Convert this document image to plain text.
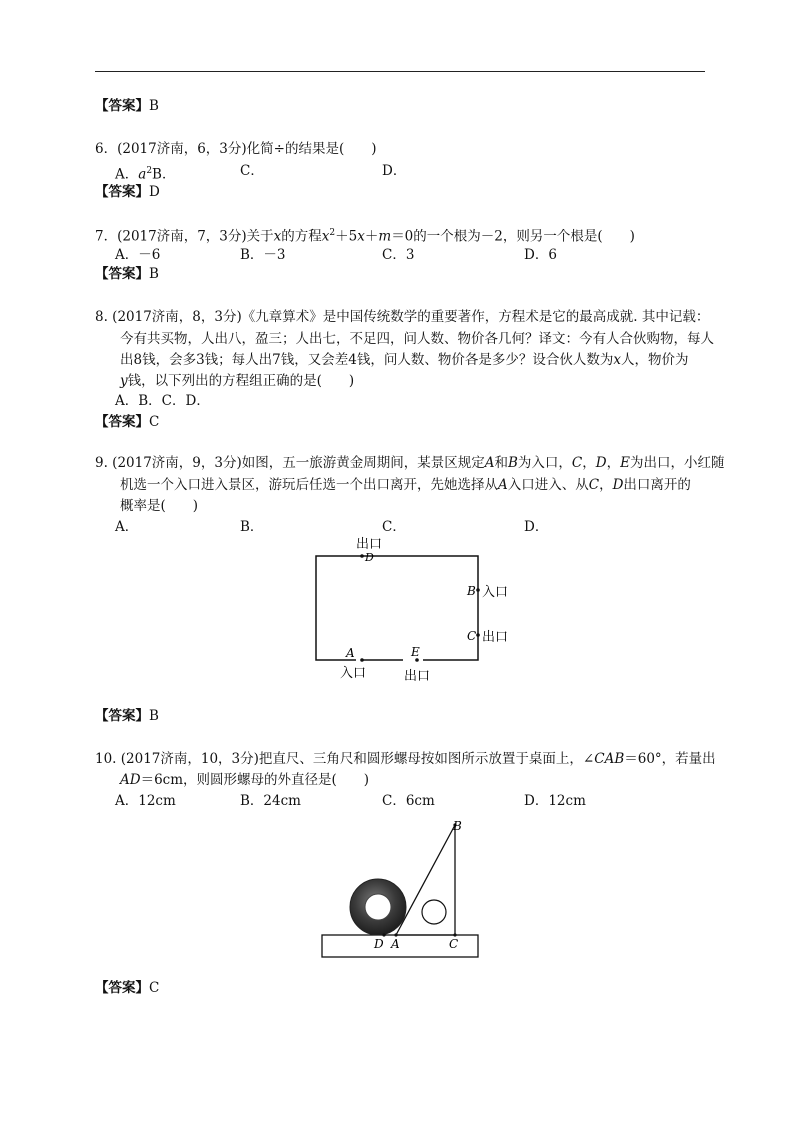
【答案】B
6．(2017济南，6，3分)化简÷的结果是(　　)
A．$a^2B$．	C．	D．
【答案】D
7．(2017济南，7，3分)关于x的方程$x^2+5x+m=0$的一个根为－2，则另一个根是(　　)
A．－6	B．－3	C．3	D．6
【答案】B
8. (2017济南，8，3分)《九章算术》是中国传统数学的重要著作，方程术是它的最高成就. 其中记载：
今有共买物，人出八，盈三；人出七，不足四，问人数、物价各几何？译文：今有人合伙购物，每人
出8钱，会多3钱；每人出7钱，又会差4钱，问人数、物价各是多少？设合伙人数为x人，物价为
y钱，以下列出的方程组正确的是(　　)
A．B．C．D．
【答案】C
9. (2017济南，9，3分)如图，五一旅游黄金周期间，某景区规定A和B为入口，C，D，E为出口，小红随
机选一个入口进入景区，游玩后任选一个出口离开，先她选择从A入口进入、从C，D出口离开的
概率是(　　)
A．	B．	C．	D．
出口
D
B 入口
C 出口
A
入口
E
出口
【答案】B
10. (2017济南，10，3分)把直尺、三角尺和圆形螺母按如图所示放置于桌面上，∠CAB＝60°，若量出
AD＝6cm，则圆形螺母的外直径是(　　)
A．12cm	B．24cm	C．6cm	D．12cm
B
D A	C
【答案】C
